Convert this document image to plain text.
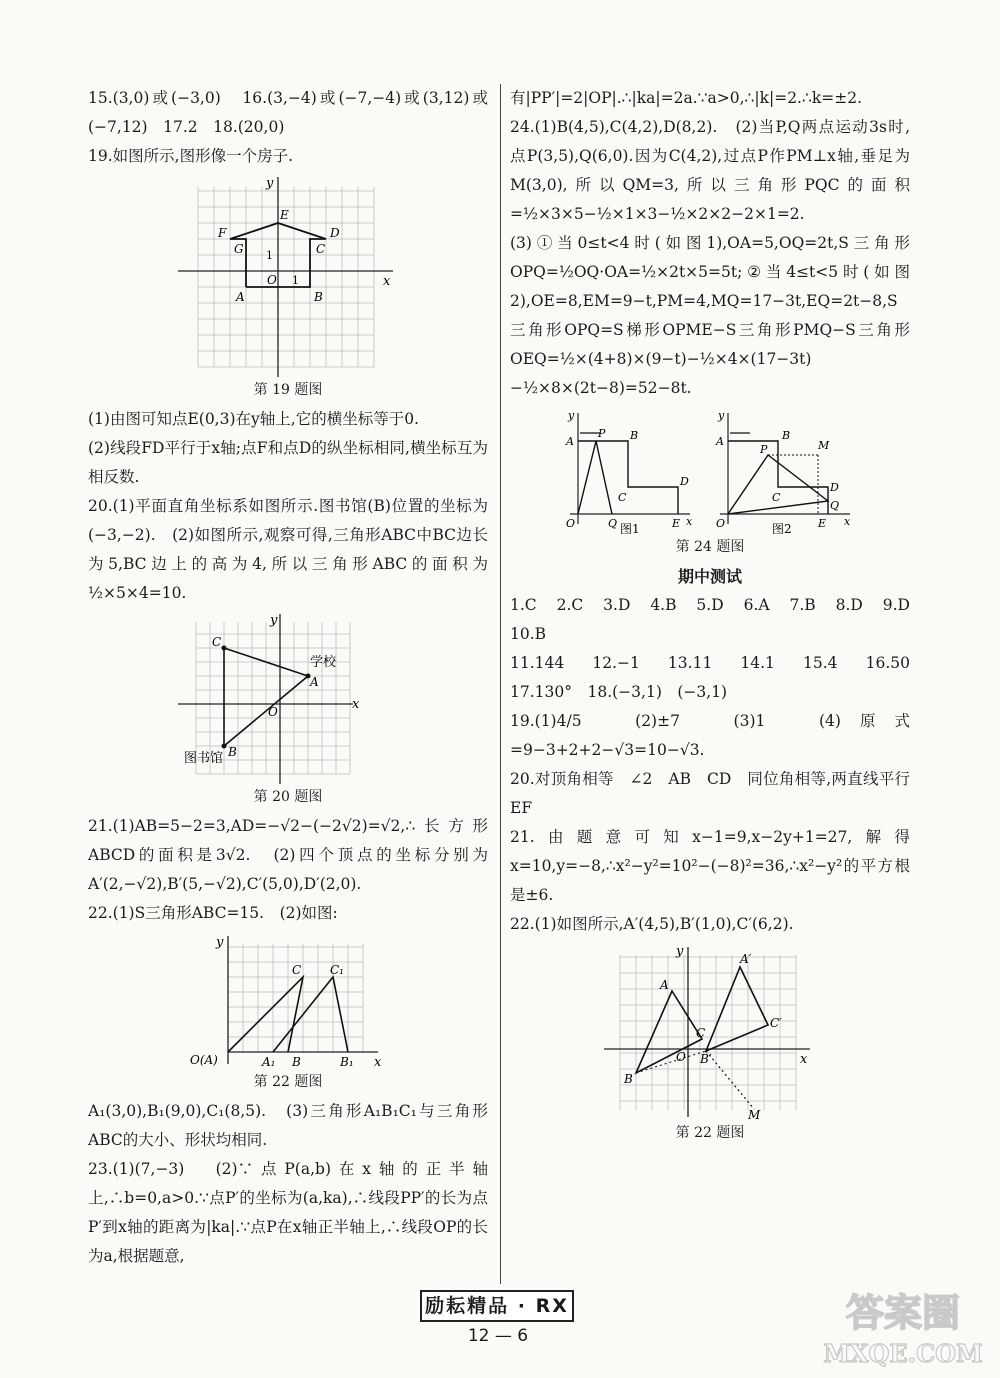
15.(3,0)或(−3,0)　16.(3,−4)或(−7,−4)或(3,12)或(−7,12)　17.2　18.(20,0)

19.如图所示,图形像一个房子.

x
y
E
F	D
G	C
1
O 1
A	B
第 19 题图

(1)由图可知点E(0,3)在y轴上,它的横坐标等于0.

(2)线段FD平行于x轴;点F和点D的纵坐标相同,横坐标互为相反数.

20.(1)平面直角坐标系如图所示.图书馆(B)位置的坐标为(−3,−2).　(2)如图所示,观察可得,三角形ABC中BC边长为5,BC边上的高为4,所以三角形ABC的面积为½×5×4=10.

C
A
B
O	x
y
学校
图书馆
第 20 题图

21.(1)AB=5−2=3,AD=−√2−(−2√2)=√2,∴长方形ABCD的面积是3√2.　(2)四个顶点的坐标分别为A′(2,−√2),B′(5,−√2),C′(5,0),D′(2,0).

22.(1)S三角形ABC=15.　(2)如图:

O(A)	A₁ B	B₁
C C₁
y
x
第 22 题图

A₁(3,0),B₁(9,0),C₁(8,5).　(3)三角形A₁B₁C₁与三角形ABC的大小、形状均相同.

23.(1)(7,−3)　(2)∵点P(a,b)在x轴的正半轴上,∴b=0,a>0.∵点P′的坐标为(a,ka),∴线段PP′的长为点P′到x轴的距离为|ka|.∵点P在x轴正半轴上,∴线段OP的长为a,根据题意,

有|PP′|=2|OP|.∴|ka|=2a.∵a>0,∴|k|=2.∴k=±2.

24.(1)B(4,5),C(4,2),D(8,2).　(2)当P,Q两点运动3s时,点P(3,5),Q(6,0).因为C(4,2),过点P作PM⊥x轴,垂足为M(3,0),所以QM=3,所以三角形PQC的面积=½×3×5−½×1×3−½×2×2−2×1=2.

(3)①当0≤t<4时(如图1),OA=5,OQ=2t,S三角形OPQ=½OQ·OA=½×2t×5=5t;②当4≤t<5时(如图2),OE=8,EM=9−t,PM=4,MQ=17−3t,EQ=2t−8,S三角形OPQ=S梯形OPME−S三角形PMQ−S三角形OEQ=½×(4+8)×(9−t)−½×4×(17−3t)−½×8×(2t−8)=52−8t.

y
A
P B
C
D
O	Q	E x
y
A	B
P	M
C
D
Q
O	E x
图1	图2
第 24 题图
期中测试

1.C　2.C　3.D　4.B　5.D　6.A　7.B　8.D　9.D　10.B

11.144　12.−1　13.11　14.1　15.4　16.50　17.130°　18.(−3,1)　(−3,1)

19.(1)4/5　(2)±7　(3)1　(4)原式=9−3+2+2−√3=10−√3.

20.对顶角相等　∠2　AB　CD　同位角相等,两直线平行　EF

21.由题意可知x−1=9,x−2y+1=27,解得x=10,y=−8,∴x²−y²=10²−(−8)²=36,∴x²−y²的平方根是±6.

22.(1)如图所示,A′(4,5),B′(1,0),C′(6,2).

A
A′
C′
C
B
O B′
M
x
y
第 22 题图
励耘精品 · RX
12 — 6
答案圈
MXQE.COM
